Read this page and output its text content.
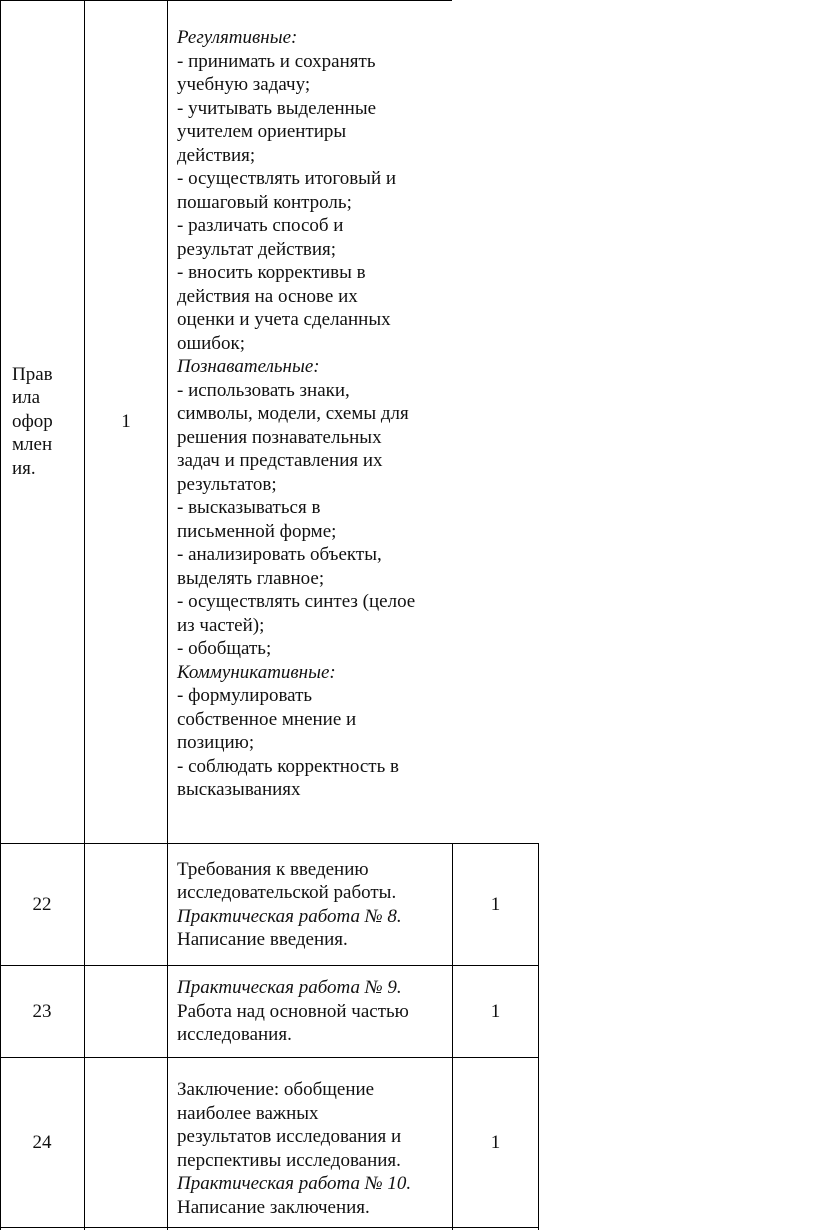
Прав

ила

офор

млен

ия.

1

Регулятивные:

- принимать и сохранять

учебную задачу;

- учитывать выделенные

учителем ориентиры

действия;

- осуществлять итоговый и

пошаговый контроль;

- различать способ и

результат действия;

- вносить коррективы в

действия на основе их

оценки и учета сделанных

ошибок;

Познавательные:

- использовать знаки,

символы, модели, схемы для

решения познавательных

задач и представления их

результатов;

- высказываться в

письменной форме;

- анализировать объекты,

выделять главное;

- осуществлять синтез (целое

из частей);

- обобщать;

Коммуникативные:

- формулировать

собственное мнение и

позицию;

- соблюдать корректность в

высказываниях

22

Требования к введению

исследовательской работы.

Практическая работа № 8.

Написание введения.

1
23

Практическая работа № 9.

Работа над основной частью

исследования.

1
24

Заключение: обобщение

наиболее важных

результатов исследования и

перспективы исследования.

Практическая работа № 10.

Написание заключения.

1
